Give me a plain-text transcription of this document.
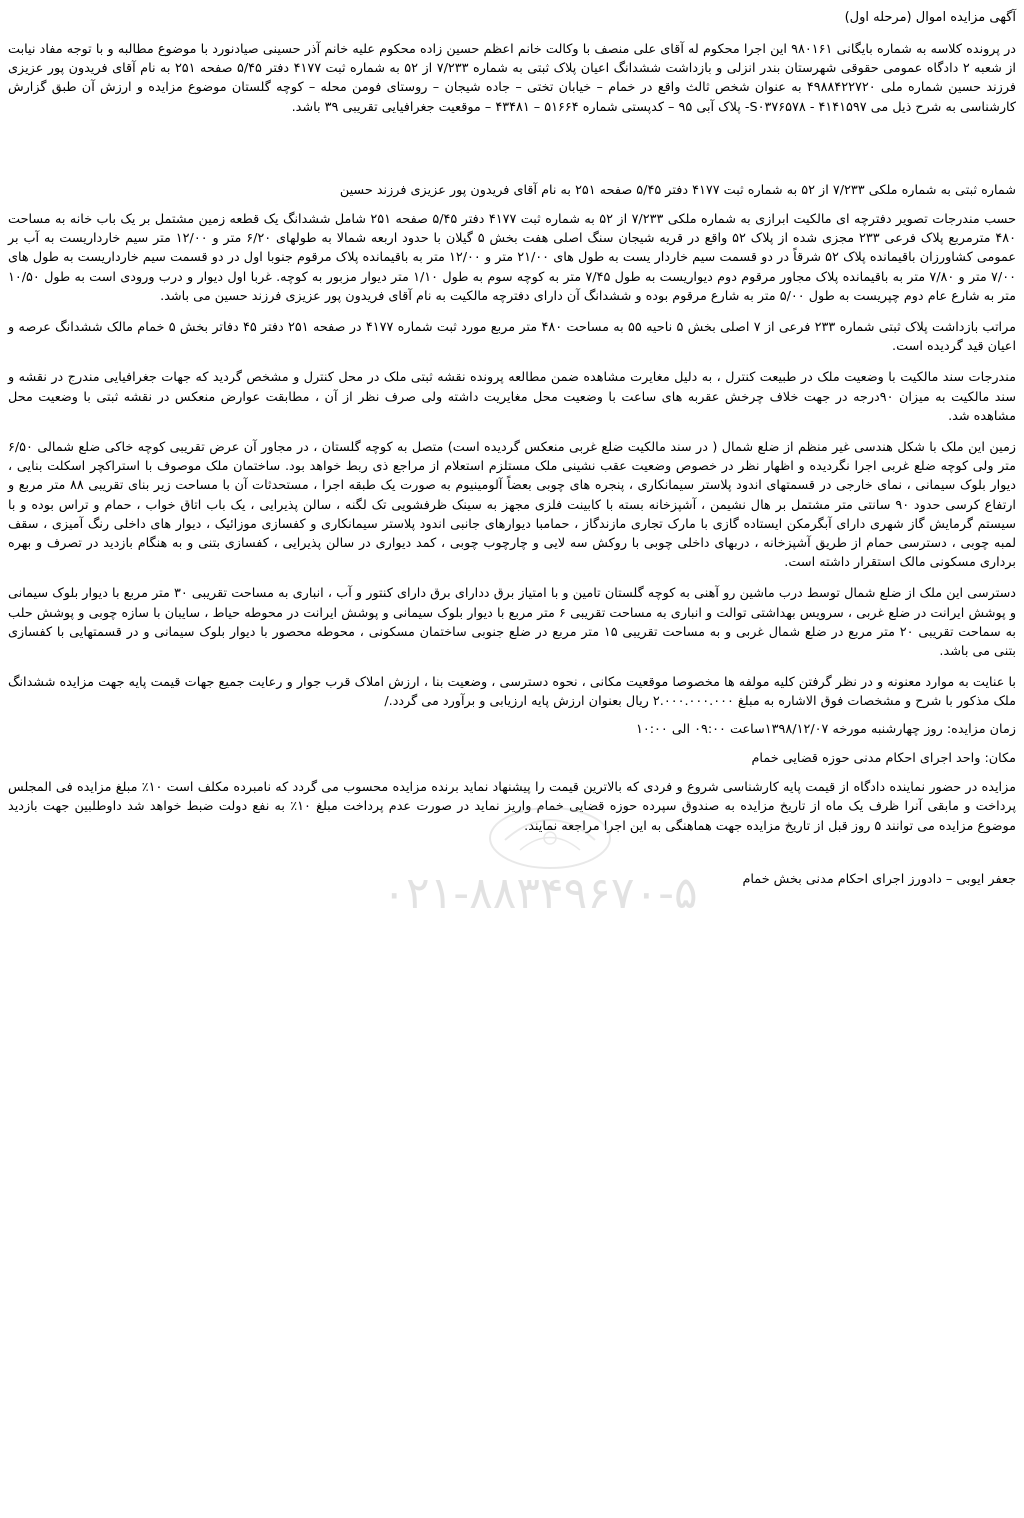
آگهی مزایده اموال (مرحله اول)

در پرونده کلاسه به شماره بایگانی ۹۸۰۱۶۱ این اجرا محکوم له آقای علی منصف با وکالت خانم اعظم حسین زاده محکوم علیه خانم آذر حسینی صیادنورد با موضوع مطالبه و با توجه مفاد نیابت از شعبه ۲ دادگاه عمومی حقوقی شهرستان بندر انزلی و بازداشت ششدانگ اعیان پلاک ثبتی به شماره ۷/۲۳۳ از ۵۲ به شماره ثبت ۴۱۷۷ دفتر ۵/۴۵ صفحه ۲۵۱ به نام آقای فریدون پور عزیزی فرزند حسین شماره ملی ۴۹۸۸۴۲۲۷۲۰ به عنوان شخص ثالث واقع در خمام – خیابان تختی – جاده شیجان – روستای فومن محله – کوچه گلستان موضوع مزایده و ارزش آن طبق گزارش کارشناسی به شرح ذیل می ۴۱۴۱۵۹۷ - S۰۳۷۶۵۷۸- پلاک آبی ۹۵ – کدپستی شماره ۵۱۶۶۴ – ۴۳۴۸۱ – موقعیت جغرافیایی تقریبی ۳۹ باشد.

شماره ثبتی به شماره ملکی ۷/۲۳۳ از ۵۲ به شماره ثبت ۴۱۷۷ دفتر ۵/۴۵ صفحه ۲۵۱ به نام آقای فریدون پور عزیزی فرزند حسین

حسب مندرجات تصویر دفترچه ای مالکیت ابرازی به شماره ملکی ۷/۲۳۳ از ۵۲ به شماره ثبت ۴۱۷۷ دفتر ۵/۴۵ صفحه ۲۵۱ شامل ششدانگ یک قطعه زمین مشتمل بر یک باب خانه به مساحت ۴۸۰ مترمربع پلاک فرعی ۲۳۳ مجزی شده از پلاک ۵۲ واقع در قریه شیجان سنگ اصلی هفت بخش ۵ گیلان با حدود اربعه شمالا به طولهای ۶/۲۰ متر و ۱۲/۰۰ متر سیم خارداریست به آب بر عمومی کشاورزان باقیمانده پلاک ۵۲ شرقاً در دو قسمت سیم خاردار یست به طول های ۲۱/۰۰ متر و ۱۲/۰۰ متر به باقیمانده پلاک مرقوم جنوبا اول در دو قسمت سیم خارداریست به طول های ۷/۰۰ متر و ۷/۸۰ متر به باقیمانده پلاک مجاور مرقوم دوم دیواریست به طول ۷/۴۵ متر به کوچه سوم به طول ۱/۱۰ متر دیوار مزبور به کوچه. غربا اول دیوار و درب ورودی است به طول ۱۰/۵۰ متر به شارع عام دوم چپریست به طول ۵/۰۰ متر به شارع مرقوم بوده و ششدانگ آن دارای دفترچه مالکیت به نام آقای فریدون پور عزیزی فرزند حسین می باشد.

مراتب بازداشت پلاک ثبتی شماره ۲۳۳ فرعی از ۷ اصلی بخش ۵ ناحیه ۵۵ به مساحت ۴۸۰ متر مربع مورد ثبت شماره ۴۱۷۷ در صفحه ۲۵۱ دفتر ۴۵ دفاتر بخش ۵ خمام مالک ششدانگ عرصه و اعیان قید گردیده است.

مندرجات سند مالکیت با وضعیت ملک در طبیعت کنترل ، به دلیل مغایرت مشاهده ضمن مطالعه پرونده نقشه ثبتی ملک در محل کنترل و مشخص گردید که جهات جغرافیایی مندرج در نقشه و سند مالکیت به میزان ۹۰درجه در جهت خلاف چرخش عقربه های ساعت با وضعیت محل مغایریت داشته ولی صرف نظر از آن ، مطابقت عوارض منعکس در نقشه ثبتی با وضعیت محل مشاهده شد.

زمین این ملک با شکل هندسی غیر منظم از ضلع شمال ( در سند مالکیت ضلع غربی منعکس گردیده است) متصل به کوچه گلستان ، در مجاور آن عرض تقریبی کوچه خاکی ضلع شمالی ۶/۵۰ متر ولی کوچه ضلع غربی اجرا نگردیده و اظهار نظر در خصوص وضعیت عقب نشینی ملک مستلزم استعلام از مراجع ذی ربط خواهد بود. ساختمان ملک موصوف با استراکچر اسکلت بنایی ، دیوار بلوک سیمانی ، نمای خارجی در قسمتهای اندود پلاستر سیمانکاری ، پنجره های چوبی بعضاً آلومینیوم به صورت یک طبقه اجرا ، مستحدثات آن با مساحت زیر بنای تقریبی ۸۸ متر مربع و ارتفاع کرسی حدود ۹۰ سانتی متر مشتمل بر هال نشیمن ، آشپزخانه بسته با کابینت فلزی مجهز به سینک ظرفشویی تک لگنه ، سالن پذیرایی ، یک باب اتاق خواب ، حمام و تراس بوده و با سیستم گرمایش گاز شهری دارای آبگرمکن ایستاده گازی با مارک تجاری مازندگاز ، حمامبا دیوارهای جانبی اندود پلاستر سیمانکاری و کفسازی موزائیک ، دیوار های داخلی رنگ آمیزی ، سقف لمبه چوبی ، دسترسی حمام از طریق آشپزخانه ، دربهای داخلی چوبی با روکش سه لایی و چارچوب چوبی ، کمد دیواری در سالن پذیرایی ، کفسازی بتنی و به هنگام بازدید در تصرف و بهره برداری مسکونی مالک استقرار داشته است.

دسترسی این ملک از ضلع شمال توسط درب ماشین رو آهنی به کوچه گلستان تامین و با امتیاز برق ددارای برق دارای کنتور و آب ، انباری به مساحت تقریبی ۳۰ متر مربع با دیوار بلوک سیمانی و پوشش ایرانت در ضلع غربی ، سرویس بهداشتی توالت و انباری به مساحت تقریبی ۶ متر مربع با دیوار بلوک سیمانی و پوشش ایرانت در محوطه حیاط ، سایبان با سازه چوبی و پوشش حلب به سماحت تقریبی ۲۰ متر مربع در ضلع شمال غربی و به مساحت تقریبی ۱۵ متر مربع در ضلع جنوبی ساختمان مسکونی ، محوطه محصور با دیوار بلوک سیمانی و در قسمتهایی با کفسازی بتنی می باشد.

با عنایت به موارد معنونه و در نظر گرفتن کلیه مولفه ها مخصوصا موقعیت مکانی ، نحوه دسترسی ، وضعیت بنا ، ارزش املاک قرب جوار و رعایت جمیع جهات قیمت پایه جهت مزایده ششدانگ ملک مذکور با شرح و مشخصات فوق الاشاره به مبلغ ۲.۰۰۰.۰۰۰.۰۰۰ ریال بعنوان ارزش پایه ارزیابی و برآورد می گردد./

زمان مزایده: روز چهارشنبه مورخه ۱۳۹۸/۱۲/۰۷ساعت ۰۹:۰۰ الی ۱۰:۰۰

مکان: واحد اجرای احکام مدنی حوزه قضایی خمام

مزایده در حضور نماینده دادگاه از قیمت پایه کارشناسی شروع و فردی که بالاترین قیمت را پیشنهاد نماید برنده مزایده محسوب می گردد که نامبرده مکلف است ۱۰٪ مبلغ مزایده فی المجلس پرداخت و مابقی آنرا ظرف یک ماه از تاریخ مزایده به صندوق سپرده حوزه قضایی خمام واریز نماید در صورت عدم پرداخت مبلغ ۱۰٪ به نفع دولت ضبط خواهد شد داوطلبین جهت بازدید موضوع مزایده می توانند ۵ روز قبل از تاریخ مزایده جهت هماهنگی به این اجرا مراجعه نمایند.

جعفر ایوبی – دادورز اجرای احکام مدنی بخش خمام
۰۲۱-۸۸۳۴۹۶۷۰-۵
